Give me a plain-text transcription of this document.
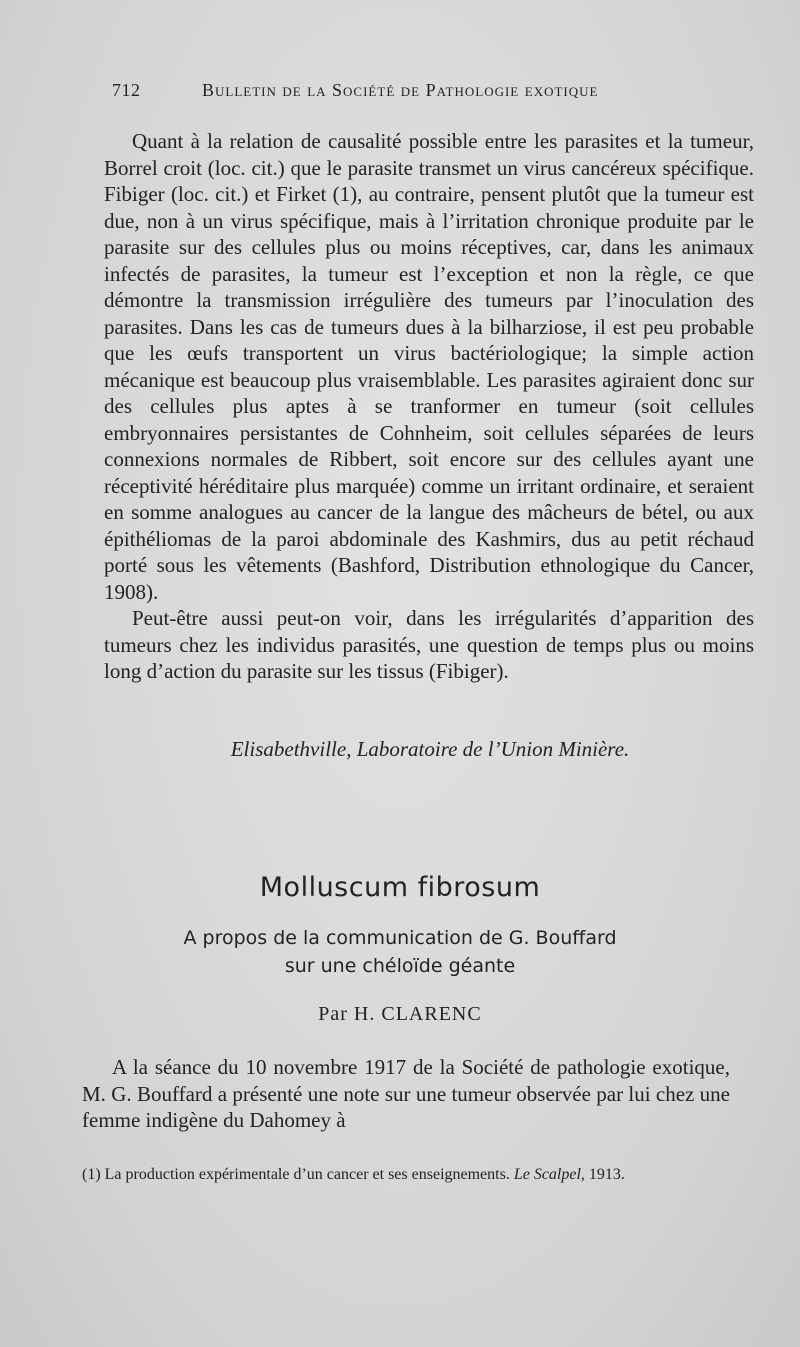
712	Bulletin de la Société de Pathologie exotique

Quant à la relation de causalité possible entre les parasites et la tumeur, Borrel croit (loc. cit.) que le parasite transmet un virus cancéreux spécifique. Fibiger (loc. cit.) et Firket (1), au contraire, pensent plutôt que la tumeur est due, non à un virus spécifique, mais à l’irritation chronique produite par le parasite sur des cellules plus ou moins réceptives, car, dans les animaux infectés de parasites, la tumeur est l’exception et non la règle, ce que démontre la transmission irrégulière des tumeurs par l’inoculation des parasites. Dans les cas de tumeurs dues à la bilharziose, il est peu probable que les œufs transportent un virus bactériologique; la simple action mécanique est beaucoup plus vraisemblable. Les parasites agiraient donc sur des cellules plus aptes à se tranformer en tumeur (soit cellules embryonnaires persistantes de Cohnheim, soit cellules séparées de leurs connexions normales de Ribbert, soit encore sur des cellules ayant une réceptivité héréditaire plus marquée) comme un irritant ordinaire, et seraient en somme analogues au cancer de la langue des mâcheurs de bétel, ou aux épithéliomas de la paroi abdominale des Kashmirs, dus au petit réchaud porté sous les vêtements (Bashford, Distribution ethnologique du Cancer, 1908).

Peut-être aussi peut-on voir, dans les irrégularités d’apparition des tumeurs chez les individus parasités, une question de temps plus ou moins long d’action du parasite sur les tissus (Fibiger).

Elisabethville, Laboratoire de l’Union Minière.
Molluscum fibrosum
A propos de la communication de G. Bouffard
sur une chéloïde géante
Par H. CLARENC

A la séance du 10 novembre 1917 de la Société de pathologie exotique, M. G. Bouffard a présenté une note sur une tumeur observée par lui chez une femme indigène du Dahomey à

(1) La production expérimentale d’un cancer et ses enseignements. Le Scalpel, 1913.
